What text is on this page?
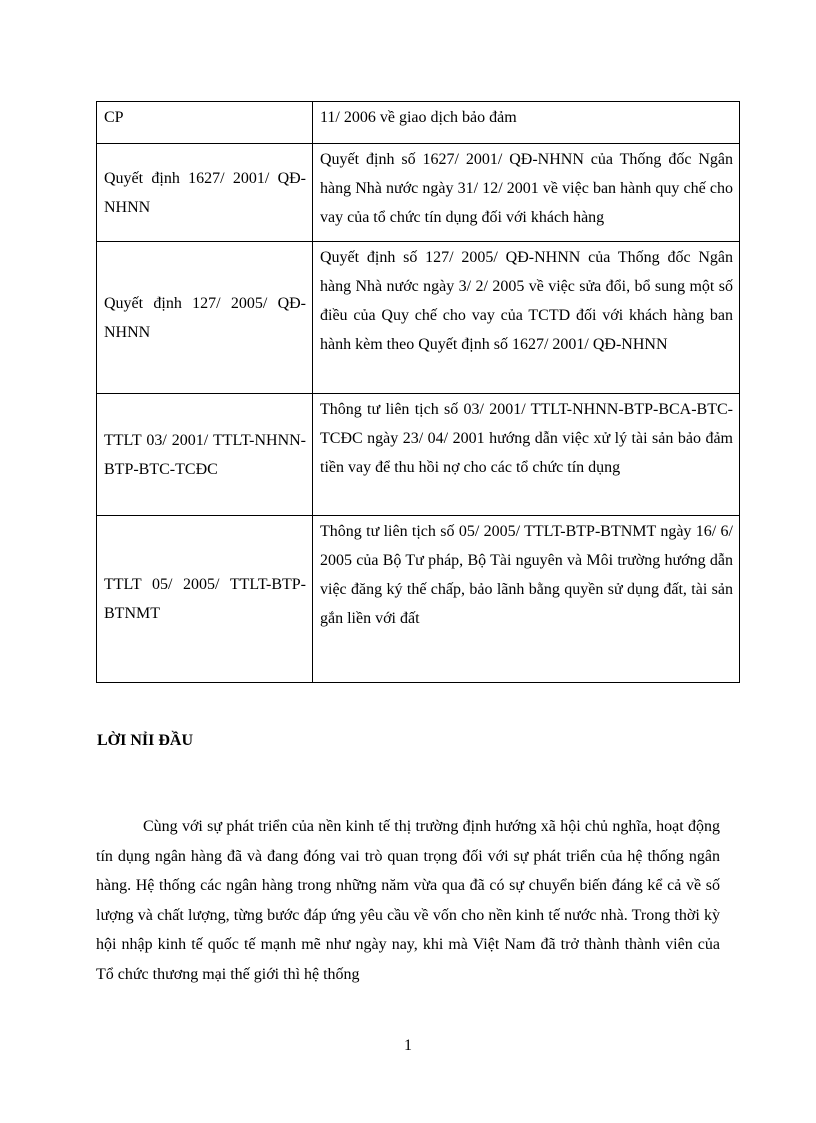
CP	11/ 2006 về giao dịch bảo đảm
Quyết định 1627/ 2001/ QĐ-NHNN	Quyết định số 1627/ 2001/ QĐ-NHNN của Thống đốc Ngân hàng Nhà nước ngày 31/ 12/ 2001 về việc ban hành quy chế cho vay của tổ chức tín dụng đối với khách hàng
Quyết định 127/ 2005/ QĐ-NHNN	Quyết định số 127/ 2005/ QĐ-NHNN của Thống đốc Ngân hàng Nhà nước ngày 3/ 2/ 2005 về việc sửa đổi, bổ sung một số điều của Quy chế cho vay của TCTD đối với khách hàng ban hành kèm theo Quyết định số 1627/ 2001/ QĐ-NHNN
TTLT 03/ 2001/ TTLT-NHNN-BTP-BTC-TCĐC	Thông tư liên tịch số 03/ 2001/ TTLT-NHNN-BTP-BCA-BTC-TCĐC ngày 23/ 04/ 2001 hướng dẫn việc xử lý tài sản bảo đảm tiền vay để thu hồi nợ cho các tổ chức tín dụng
TTLT 05/ 2005/ TTLT-BTP-BTNMT	Thông tư liên tịch số 05/ 2005/ TTLT-BTP-BTNMT ngày 16/ 6/ 2005 của Bộ Tư pháp, Bộ Tài nguyên và Môi trường hướng dẫn việc đăng ký thế chấp, bảo lãnh bằng quyền sử dụng đất, tài sản gắn liền với đất
LỜI NỈI ĐẦU

Cùng với sự phát triển của nền kinh tế thị trường định hướng xã hội chủ nghĩa, hoạt động tín dụng ngân hàng đã và đang đóng vai trò quan trọng đối với sự phát triển của hệ thống ngân hàng. Hệ thống các ngân hàng trong những năm vừa qua đã có sự chuyển biến đáng kể cả về số lượng và chất lượng, từng bước đáp ứng yêu cầu về vốn cho nền kinh tế nước nhà. Trong thời kỳ hội nhập kinh tế quốc tế mạnh mẽ như ngày nay, khi mà Việt Nam đã trở thành thành viên của Tổ chức thương mại thế giới thì hệ thống

1
